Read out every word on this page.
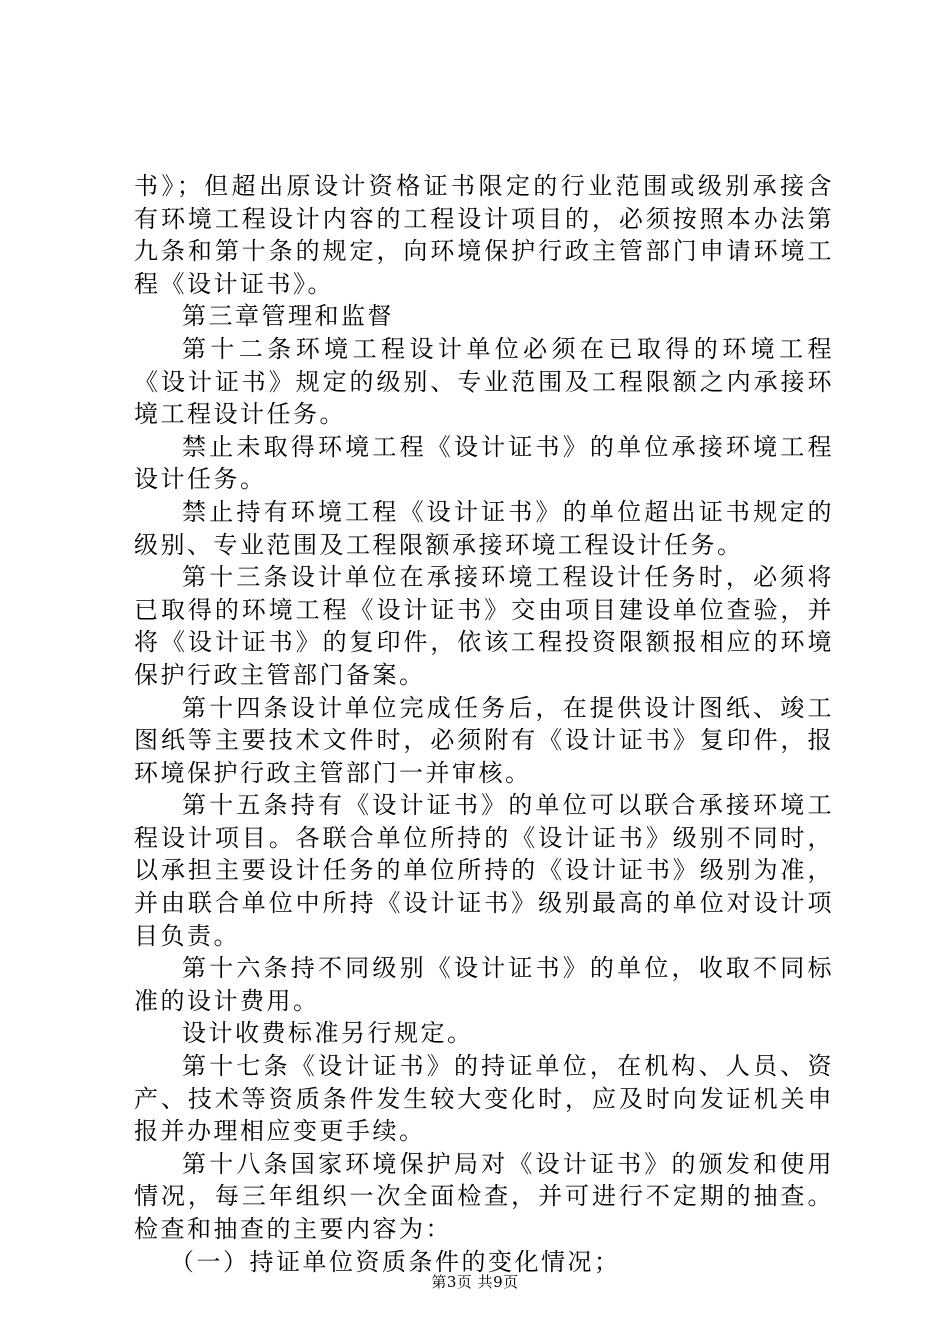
书》；但超出原设计资格证书限定的行业范围或级别承接含有环境工程设计内容的工程设计项目的，必须按照本办法第九条和第十条的规定，向环境保护行政主管部门申请环境工程《设计证书》。

第三章管理和监督

第十二条环境工程设计单位必须在已取得的环境工程《设计证书》规定的级别、专业范围及工程限额之内承接环境工程设计任务。

禁止未取得环境工程《设计证书》的单位承接环境工程设计任务。

禁止持有环境工程《设计证书》的单位超出证书规定的级别、专业范围及工程限额承接环境工程设计任务。

第十三条设计单位在承接环境工程设计任务时，必须将已取得的环境工程《设计证书》交由项目建设单位查验，并将《设计证书》的复印件，依该工程投资限额报相应的环境保护行政主管部门备案。

第十四条设计单位完成任务后，在提供设计图纸、竣工图纸等主要技术文件时，必须附有《设计证书》复印件，报环境保护行政主管部门一并审核。

第十五条持有《设计证书》的单位可以联合承接环境工程设计项目。各联合单位所持的《设计证书》级别不同时，以承担主要设计任务的单位所持的《设计证书》级别为准，并由联合单位中所持《设计证书》级别最高的单位对设计项目负责。

第十六条持不同级别《设计证书》的单位，收取不同标准的设计费用。

设计收费标准另行规定。

第十七条《设计证书》的持证单位，在机构、人员、资产、技术等资质条件发生较大变化时，应及时向发证机关申报并办理相应变更手续。

第十八条国家环境保护局对《设计证书》的颁发和使用情况，每三年组织一次全面检查，并可进行不定期的抽查。检查和抽查的主要内容为：

（一）持证单位资质条件的变化情况；

第3页 共9页
